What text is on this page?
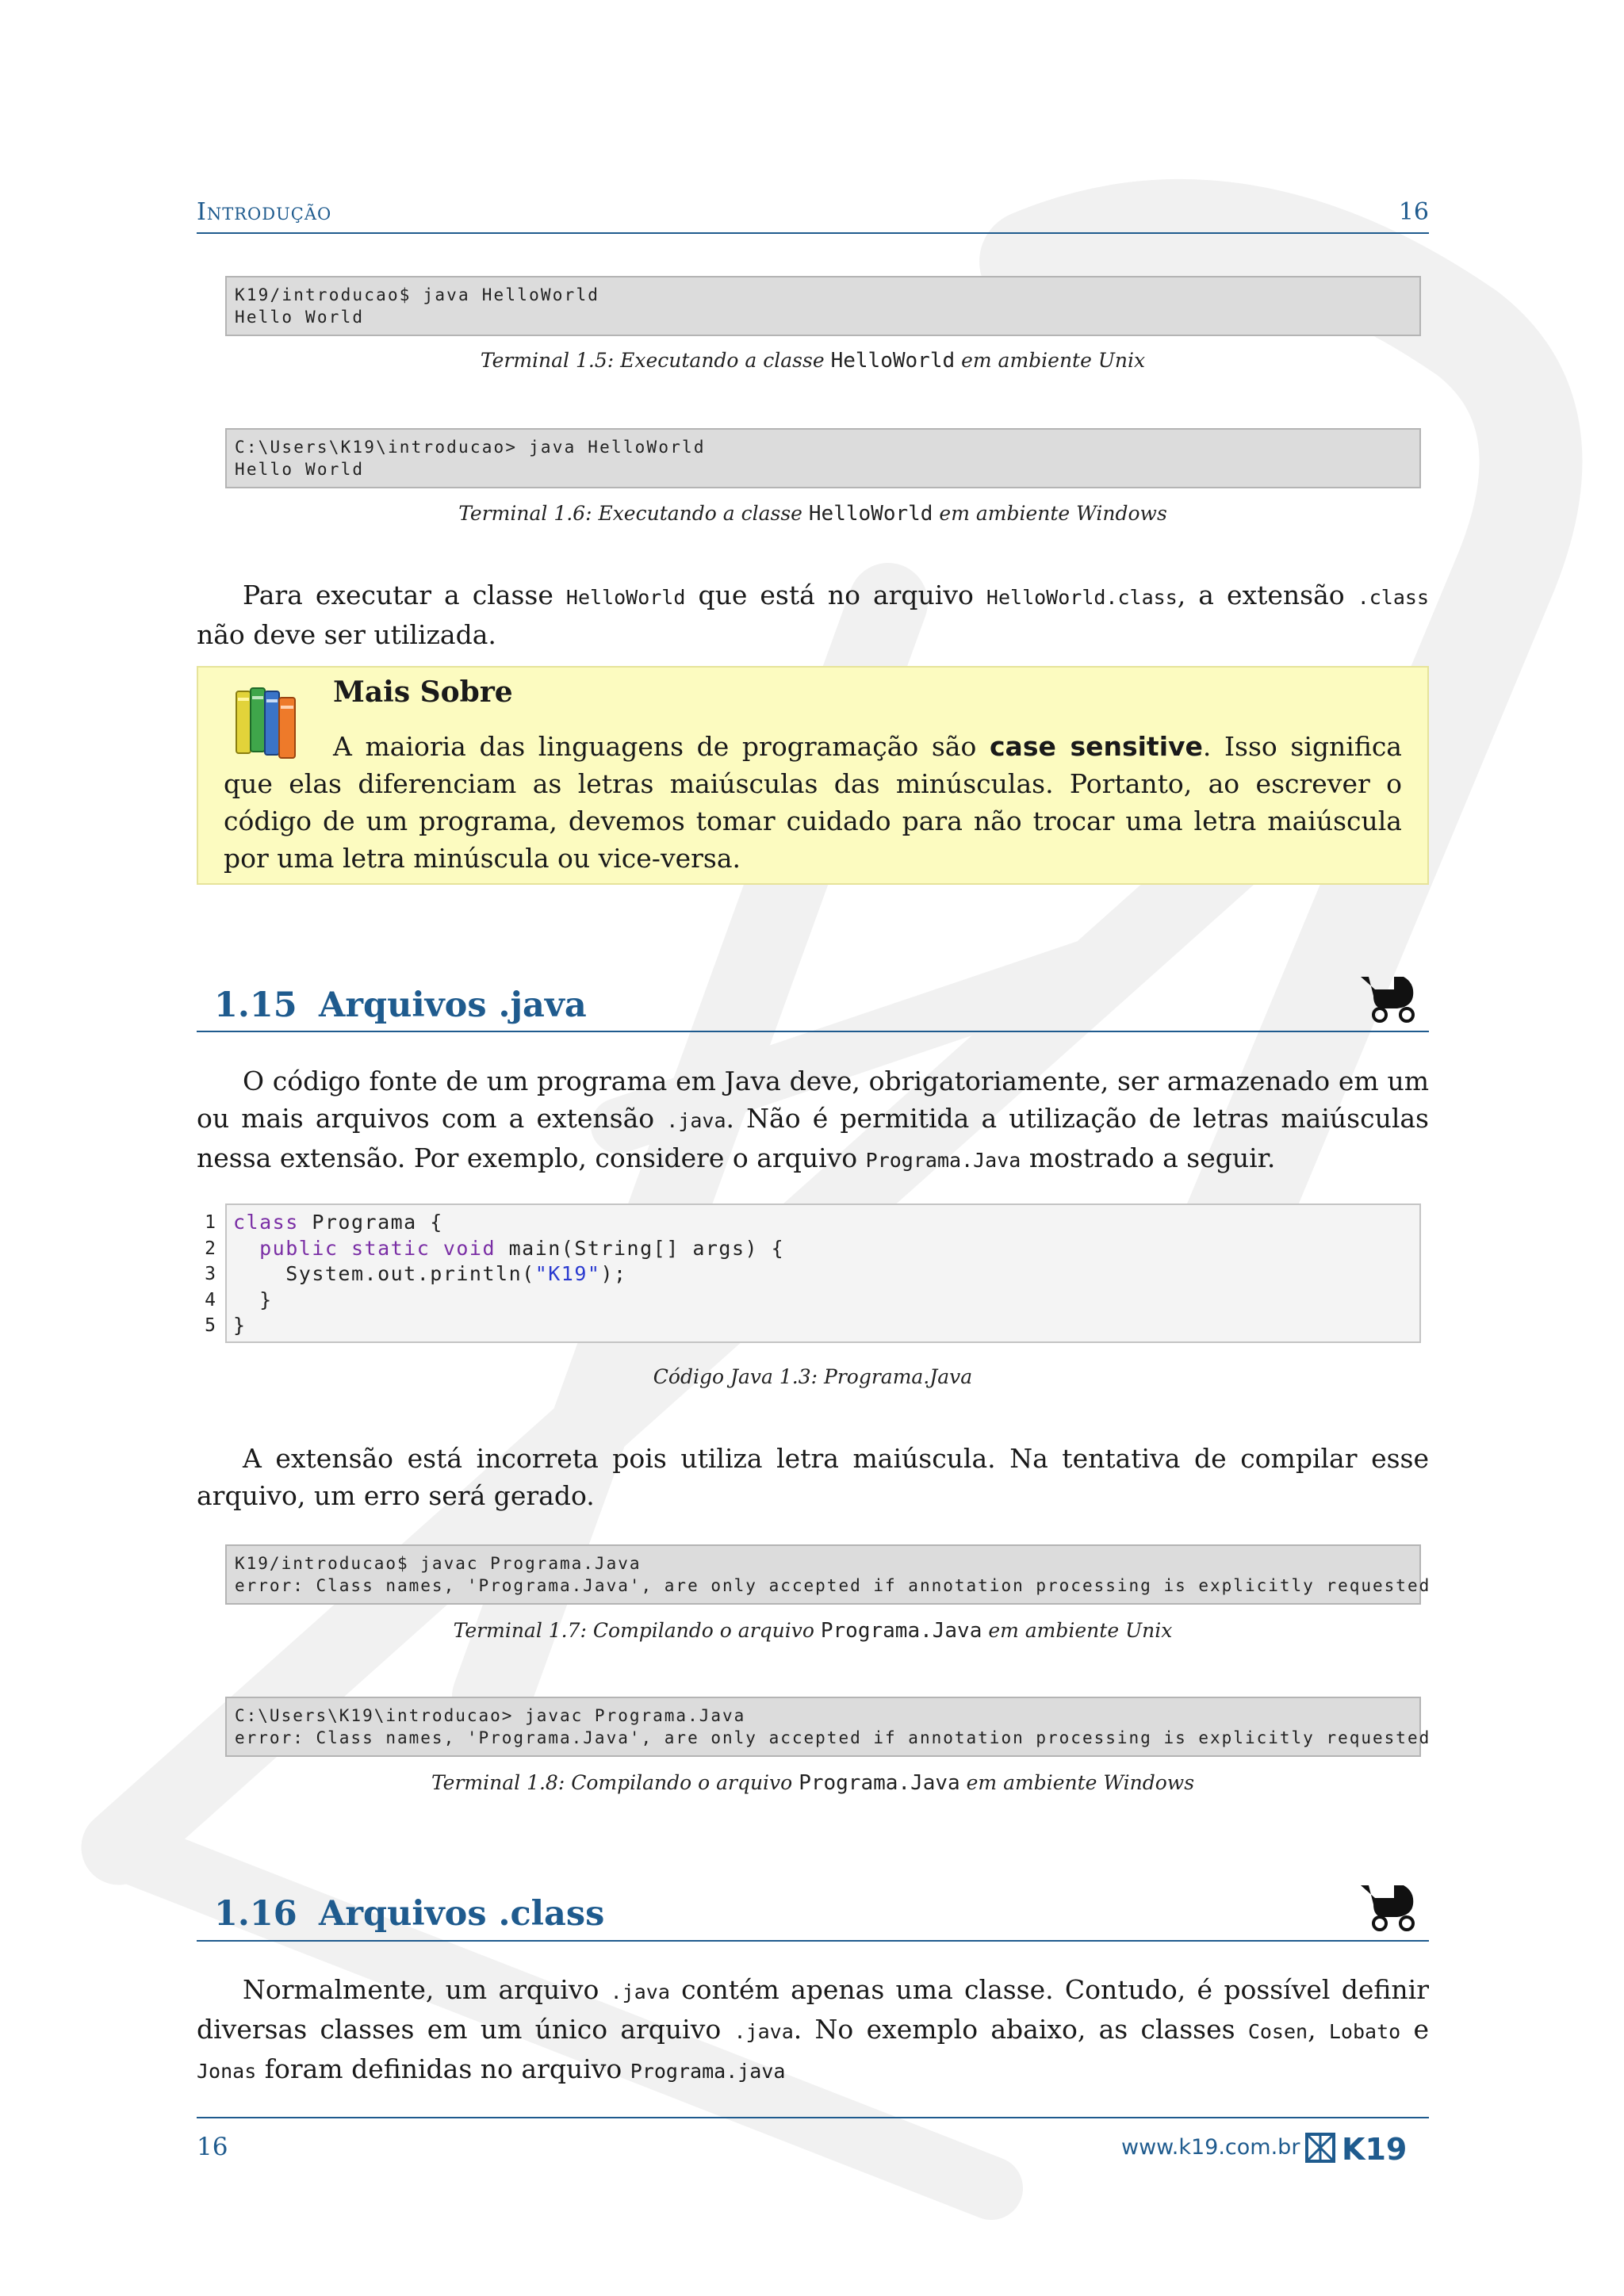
Introdução	16
K19/introducao$ java HelloWorld
Hello World
Terminal 1.5: Executando a classe HelloWorld em ambiente Unix
C:\Users\K19\introducao> java HelloWorld
Hello World
Terminal 1.6: Executando a classe HelloWorld em ambiente Windows
Para executar a classe HelloWorld que está no arquivo HelloWorld.class, a extensão .class não deve ser utilizada.
Mais Sobre
A maioria das linguagens de programação são case sensitive. Isso significa que elas diferenciam as letras maiúsculas das minúsculas. Portanto, ao escrever o código de um programa, devemos tomar cuidado para não trocar uma letra maiúscula por uma letra minúscula ou vice-versa.
1.15 Arquivos .java
O código fonte de um programa em Java deve, obrigatoriamente, ser armazenado em um ou mais arquivos com a extensão .java. Não é permitida a utilização de letras maiúsculas nessa extensão. Por exemplo, considere o arquivo Programa.Java mostrado a seguir.
1
2
3
4
5
class Programa {
public static void main(String[] args) {
System.out.println("K19");
}
}
Código Java 1.3: Programa.Java
A extensão está incorreta pois utiliza letra maiúscula. Na tentativa de compilar esse arquivo, um erro será gerado.
K19/introducao$ javac Programa.Java
error: Class names, 'Programa.Java', are only accepted if annotation processing is explicitly requested
Terminal 1.7: Compilando o arquivo Programa.Java em ambiente Unix
C:\Users\K19\introducao> javac Programa.Java
error: Class names, 'Programa.Java', are only accepted if annotation processing is explicitly requested
Terminal 1.8: Compilando o arquivo Programa.Java em ambiente Windows
1.16 Arquivos .class
Normalmente, um arquivo .java contém apenas uma classe. Contudo, é possível definir diversas classes em um único arquivo .java. No exemplo abaixo, as classes Cosen, Lobato e Jonas foram definidas no arquivo Programa.java
16	www.k19.com.br K19
